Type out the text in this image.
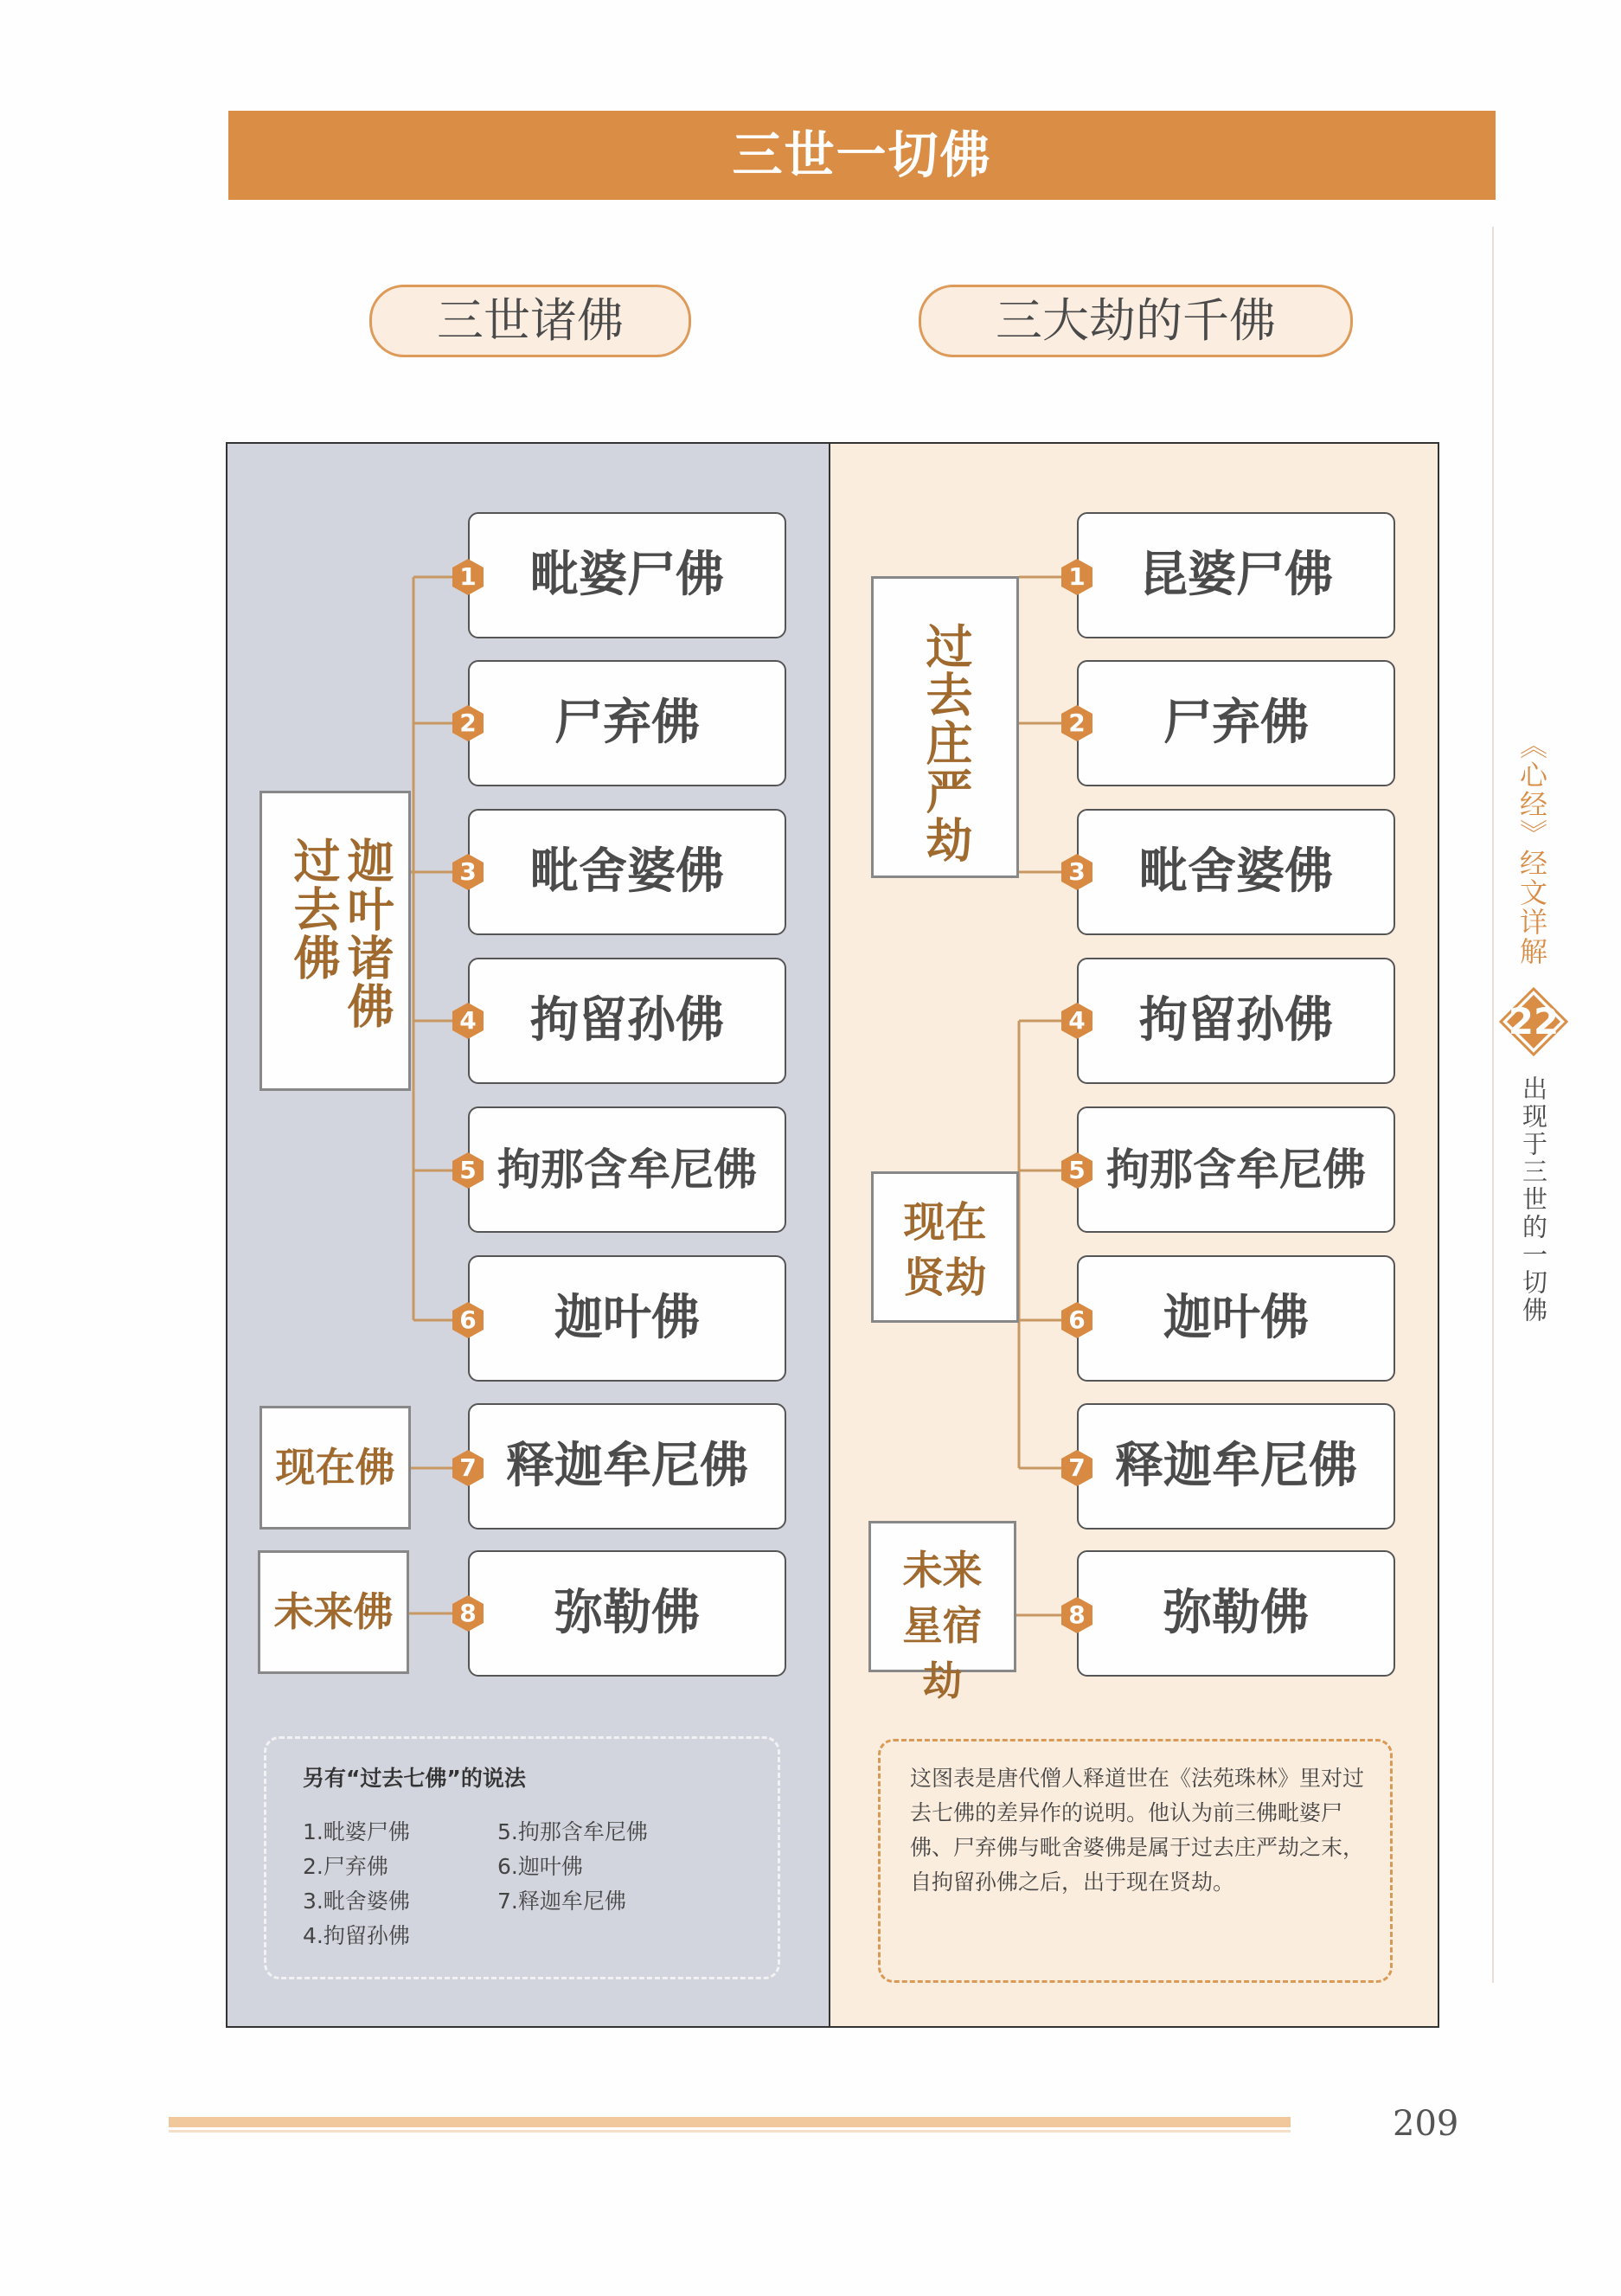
三世一切佛
三世诸佛	三大劫的千佛
过去佛 迦叶诸佛
现在佛
未来佛
过去庄严劫
现在贤劫
未来星宿劫
毗婆尸佛
尸弃佛
毗舍婆佛
拘留孙佛
拘那含牟尼佛
迦叶佛
释迦牟尼佛
弥勒佛
昆婆尸佛
尸弃佛
毗舍婆佛
拘留孙佛
拘那含牟尼佛
迦叶佛
释迦牟尼佛
弥勒佛
1
2
3
4
5
6
7
8
1
2
3
4
5
6
7
8
另有“过去七佛”的说法
1.毗婆尸佛
2.尸弃佛
3.毗舍婆佛
4.拘留孙佛
5.拘那含牟尼佛
6.迦叶佛
7.释迦牟尼佛
这图表是唐代僧人释道世在《法苑珠林》里对过去七佛的差异作的说明。他认为前三佛毗婆尸佛、尸弃佛与毗舍婆佛是属于过去庄严劫之末，自拘留孙佛之后，出于现在贤劫。
《心经》经文详解
22
出现于三世的一切佛
209
